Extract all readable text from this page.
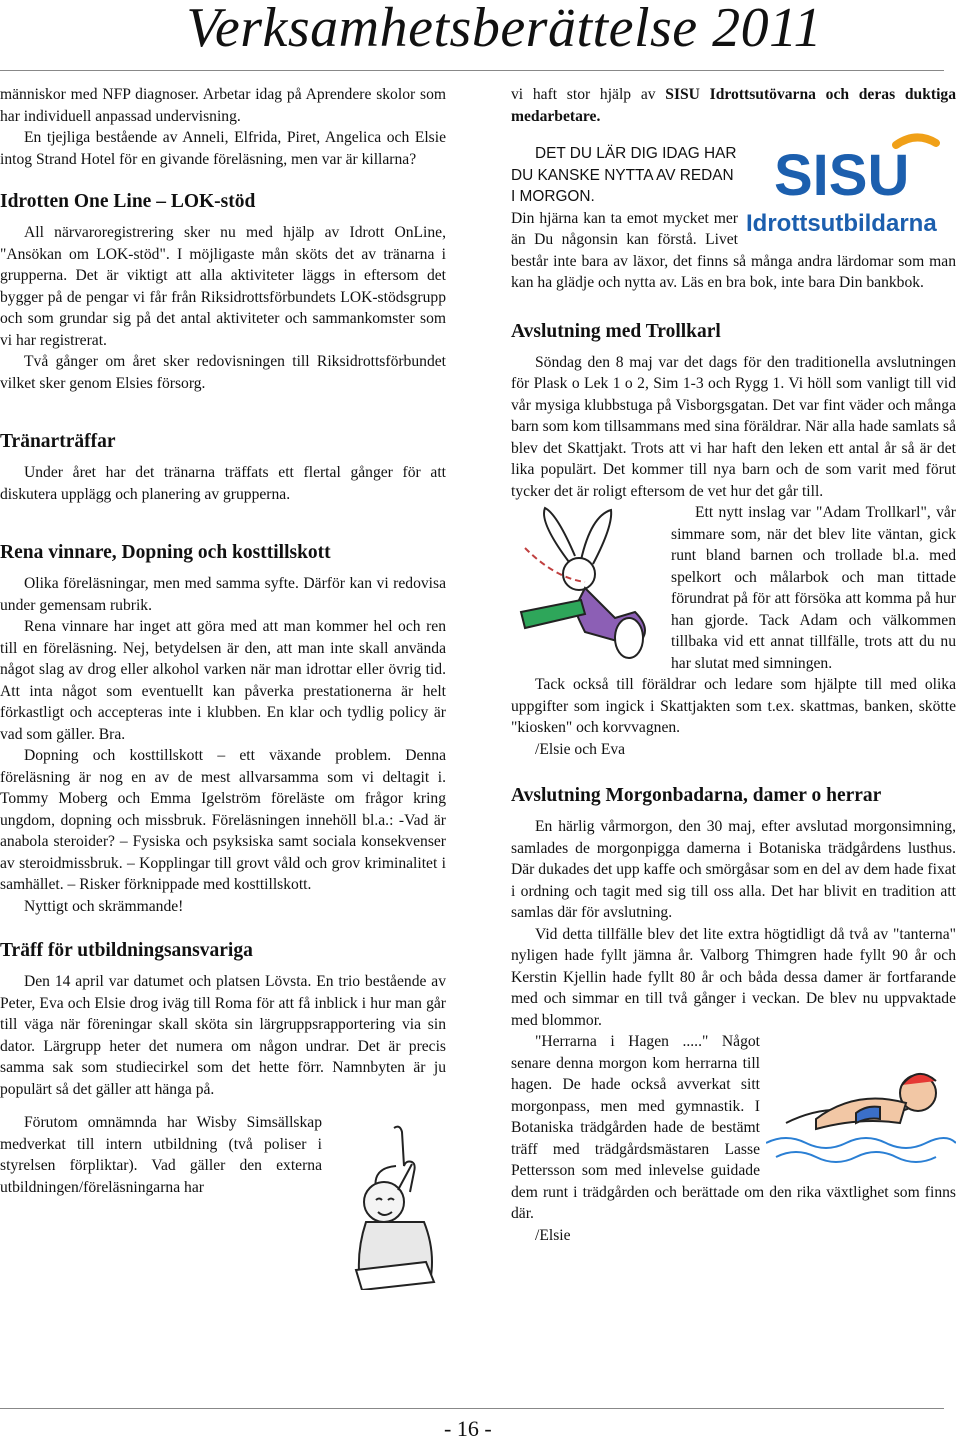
Verksamhetsberättelse 2011

människor med NFP diagnoser. Arbetar idag på Aprendere skolor som har individuell anpassad undervisning.

En tjejliga bestående av Anneli, Elfrida, Piret, Angelica och Elsie intog Strand Hotel för en givande föreläsning, men var är killarna?

Idrotten One Line – LOK-stöd

All närvaroregistrering sker nu med hjälp av Idrott OnLine, "Ansökan om LOK-stöd". I möjligaste mån sköts det av tränarna i grupperna. Det är viktigt att alla aktiviteter läggs in eftersom det bygger på de pengar vi får från Riksidrottsförbundets LOK-stödsgrupp och som grundar sig på det antal aktiviteter och sammankomster som vi har registrerat.

Två gånger om året sker redovisningen till Riksidrottsförbundet vilket sker genom Elsies försorg.

Tränarträffar

Under året har det tränarna träffats ett flertal gånger för att diskutera upplägg och planering av grupperna.

Rena vinnare, Dopning och kosttillskott

Olika föreläsningar, men med samma syfte. Därför kan vi redovisa under gemensam rubrik.

Rena vinnare har inget att göra med att man kommer hel och ren till en föreläsning. Nej, betydelsen är den, att man inte skall använda något slag av drog eller alkohol varken när man idrottar eller övrig tid. Att inta något som eventuellt kan påverka prestationerna är helt förkastligt och accepteras inte i klubben. En klar och tydlig policy är vad som gäller. Bra.

Dopning och kosttillskott – ett växande problem. Denna föreläsning är nog en av de mest allvarsamma som vi deltagit i. Tommy Moberg och Emma Igelström föreläste om frågor kring ungdom, dopning och missbruk. Föreläsningen innehöll bl.a.: -Vad är anabola steroider? – Fysiska och psyksiska samt sociala konsekvenser av steroidmissbruk. – Kopplingar till grovt våld och grov kriminalitet i samhället. – Risker förknippade med kosttillskott.

Nyttigt och skrämmande!

Träff för utbildningsansvariga

Den 14 april var datumet och platsen Lövsta. En trio bestående av Peter, Eva och Elsie drog iväg till Roma för att få inblick i hur man går till väga när föreningar skall sköta sin lärgruppsrapportering via sin dator. Lärgrupp heter det numera om någon undrar. Det är precis samma sak som studiecirkel som det hette förr. Namnbyten är ju populärt så det gäller att hänga på.

Förutom omnämnda har Wisby Simsällskap medverkat till intern utbildning (två poliser i styrelsen förpliktar). Vad gäller den externa utbildningen/föreläsningarna har

vi haft stor hjälp av SISU Idrottsutövarna och deras duktiga medarbetare.

SISU
Idrottsutbildarna

DET DU LÄR DIG IDAG HAR DU KANSKE NYTTA AV REDAN I MORGON.

Din hjärna kan ta emot mycket mer än Du någonsin kan förstå. Livet består inte bara av läxor, det finns så många andra lärdomar som man kan ha glädje och nytta av. Läs en bra bok, inte bara Din bankbok.

Avslutning med Trollkarl

Söndag den 8 maj var det dags för den traditionella avslutningen för Plask o Lek 1 o 2, Sim 1-3 och Rygg 1. Vi höll som vanligt till vid vår mysiga klubbstuga på Visborgsgatan. Det var fint väder och många barn som kom tillsammans med sina föräldrar. När alla hade samlats så blev det Skattjakt. Trots att vi har haft den leken ett antal år så är det lika populärt. Det kommer till nya barn och de som varit med förut tycker det är roligt eftersom de vet hur det går till.

Ett nytt inslag var "Adam Trollkarl", vår simmare som, när det blev lite väntan, gick runt bland barnen och trollade bl.a. med spelkort och målarbok och man tittade förundrat på för att försöka att komma på hur han gjorde. Tack Adam och välkommen tillbaka vid ett annat tillfälle, trots att du nu har slutat med simningen.

Tack också till föräldrar och ledare som hjälpte till med olika uppgifter som ingick i Skattjakten som t.ex. skattmas, banken, skötte "kiosken" och korvvagnen.

/Elsie och Eva

Avslutning Morgonbadarna, damer o herrar

En härlig vårmorgon, den 30 maj, efter avslutad morgonsimning, samlades de morgonpigga damerna i Botaniska trädgårdens lusthus. Där dukades det upp kaffe och smörgåsar som en del av dem hade fixat i ordning och tagit med sig till oss alla. Det har blivit en tradition att samlas där för avslutning.

Vid detta tillfälle blev det lite extra högtidligt då två av "tanterna" nyligen hade fyllt jämna år. Valborg Thimgren hade fyllt 90 år och Kerstin Kjellin hade fyllt 80 år och båda dessa damer är fortfarande med och simmar en till två gånger i veckan. De blev nu uppvaktade med blommor.

"Herrarna i Hagen ....." Något senare denna morgon kom herrarna till hagen. De hade också avverkat sitt morgonpass, men med gymnastik. I Botaniska trädgården hade de bestämt träff med trädgårdsmästaren Lasse Pettersson som med inlevelse guidade dem runt i trädgården och berättade om den rika växtlighet som finns där.

/Elsie

- 16 -
